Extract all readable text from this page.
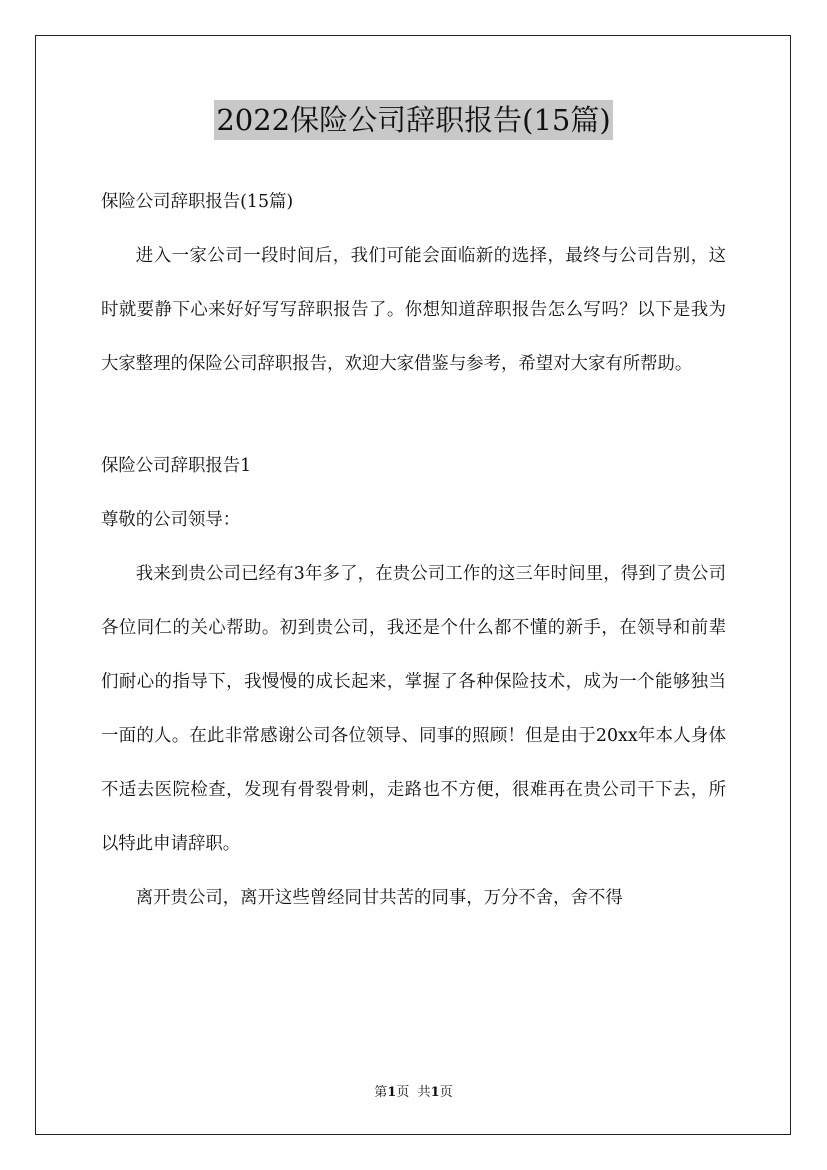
2022保险公司辞职报告(15篇)

保险公司辞职报告(15篇)

进入一家公司一段时间后，我们可能会面临新的选择，最终与公司告别，这时就要静下心来好好写写辞职报告了。你想知道辞职报告怎么写吗？以下是我为大家整理的保险公司辞职报告，欢迎大家借鉴与参考，希望对大家有所帮助。

保险公司辞职报告1

尊敬的公司领导：

我来到贵公司已经有3年多了，在贵公司工作的这三年时间里，得到了贵公司各位同仁的关心帮助。初到贵公司，我还是个什么都不懂的新手，在领导和前辈们耐心的指导下，我慢慢的成长起来，掌握了各种保险技术，成为一个能够独当一面的人。在此非常感谢公司各位领导、同事的照顾！但是由于20xx年本人身体不适去医院检查，发现有骨裂骨刺，走路也不方便，很难再在贵公司干下去，所以特此申请辞职。

离开贵公司，离开这些曾经同甘共苦的同事，万分不舍，舍不得

第1页 共1页
